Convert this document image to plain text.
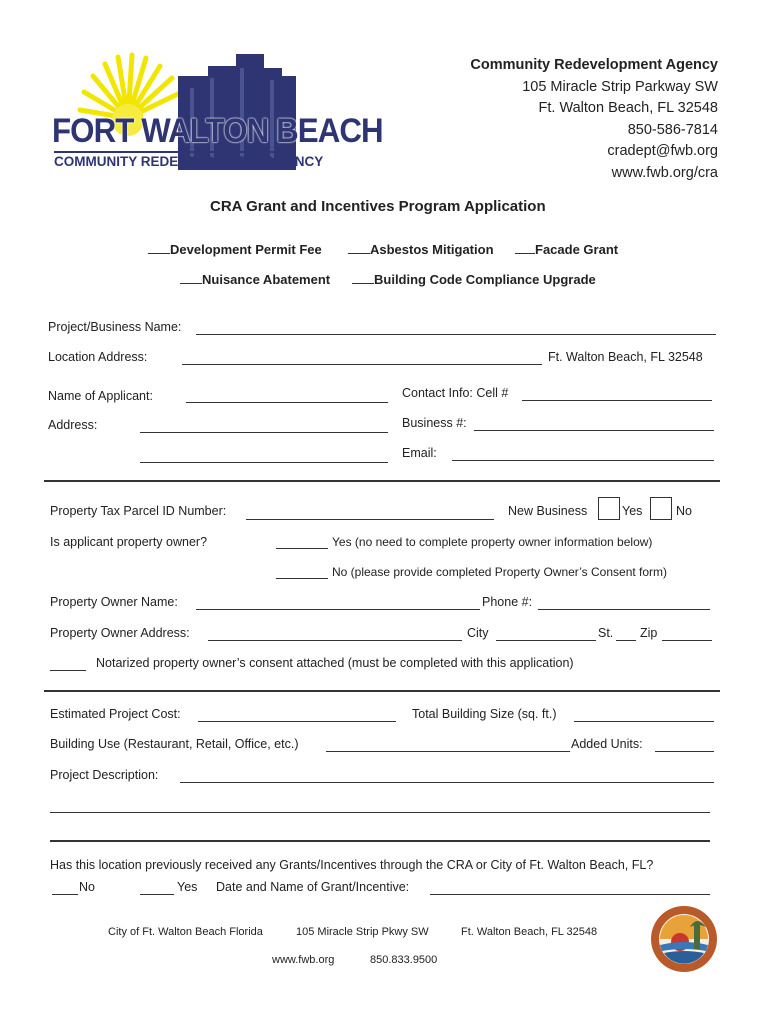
FORT WALTON BEACH
COMMUNITY REDEVELOPMENT AGENCY
Community Redevelopment Agency
105 Miracle Strip Parkway SW
Ft. Walton Beach, FL 32548
850-586-7814
cradept@fwb.org
www.fwb.org/cra
CRA Grant and Incentives Program Application
Development Permit Fee	Asbestos Mitigation	Facade Grant
Nuisance Abatement	Building Code Compliance Upgrade
Project/Business Name:
Location Address:	Ft. Walton Beach, FL 32548
Name of Applicant:	Contact Info: Cell #
Address:	Business #:
Email:
Property Tax Parcel ID Number:	New Business	Yes	No
Is applicant property owner?	Yes (no need to complete property owner information below)
No (please provide completed Property Owner’s Consent form)
Property Owner Name:	Phone #:
Property Owner Address:	City	St. Zip
Notarized property owner’s consent attached (must be completed with this application)
Estimated Project Cost:	Total Building Size (sq. ft.)
Building Use (Restaurant, Retail, Office, etc.)	Added Units:
Project Description:
Has this location previously received any Grants/Incentives through the CRA or City of Ft. Walton Beach, FL?
No	Yes Date and Name of Grant/Incentive:
City of Ft. Walton Beach Florida	105 Miracle Strip Pkwy SW	Ft. Walton Beach, FL 32548
www.fwb.org	850.833.9500
